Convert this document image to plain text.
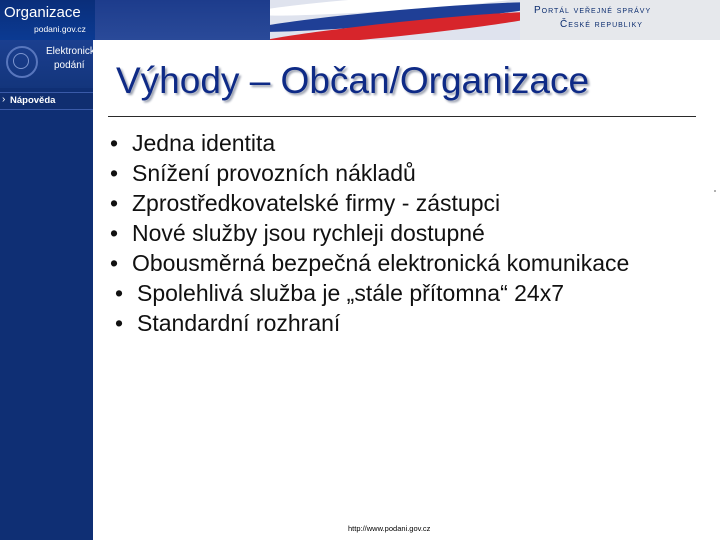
Organizace
podani.gov.cz
Portál veřejné správy
České republiky
Elektronická
podání
› Nápověda Výhody – Občan/Organizace
• Jedna identita
• Snížení provozních nákladů
• Zprostředkovatelské firmy - zástupci
• Nové služby jsou rychleji dostupné
• Obousměrná bezpečná elektronická komunikace
• Spolehlivá služba je „stále přítomna“ 24x7
• Standardní rozhraní
http://www.podani.gov.cz
